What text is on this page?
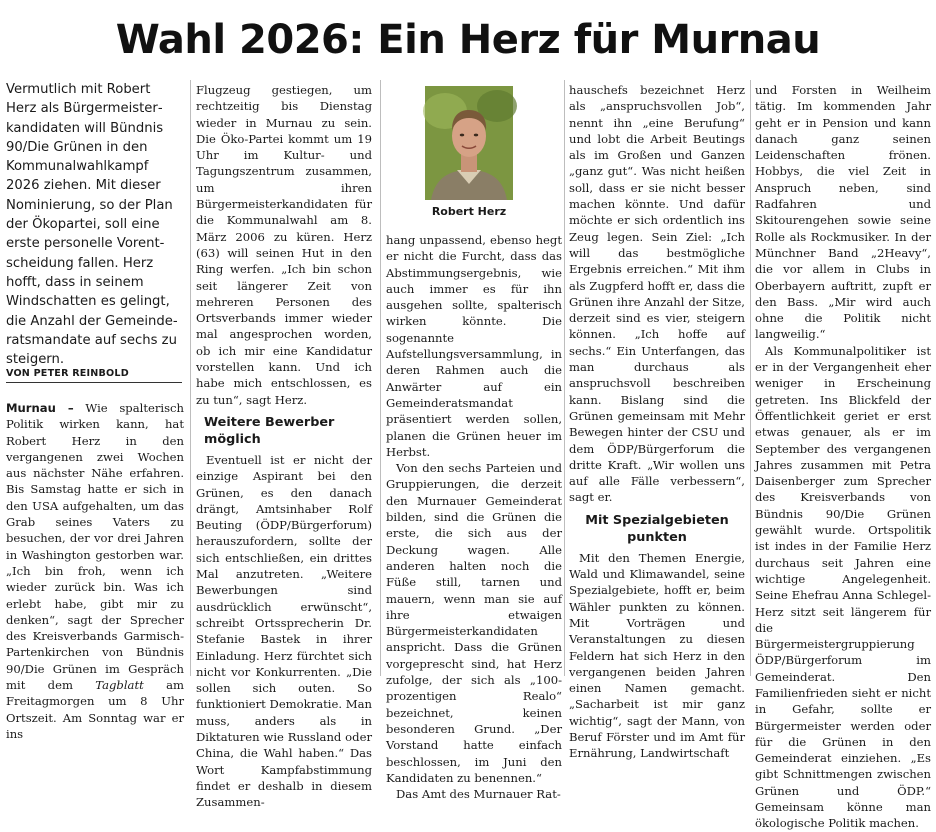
Wahl 2026: Ein Herz für Murnau

Vermutlich mit Robert Herz als Bürgermeisterkandidaten will Bündnis 90/Die Grünen in den Kommunalwahlkampf 2026 ziehen. Mit dieser Nominierung, so der Plan der Ökopartei, soll eine erste personelle Vorentscheidung fallen. Herz hofft, dass in seinem Windschatten es gelingt, die Anzahl der Gemeinderatsmandate auf sechs zu steigern.

VON PETER REINBOLD

Murnau – Wie spalterisch Politik wirken kann, hat Robert Herz in den vergangenen zwei Wochen aus nächster Nähe erfahren. Bis Samstag hatte er sich in den USA aufgehalten, um das Grab seines Vaters zu besuchen, der vor drei Jahren in Washington gestorben war. „Ich bin froh, wenn ich wieder zurück bin. Was ich erlebt habe, gibt mir zu denken“, sagt der Sprecher des Kreisverbands Garmisch-Partenkirchen von Bündnis 90/Die Grünen im Gespräch mit dem Tagblatt am Freitagmorgen um 8 Uhr Ortszeit. Am Sonntag war er ins

Flugzeug gestiegen, um rechtzeitig bis Dienstag wieder in Murnau zu sein. Die Öko-Partei kommt um 19 Uhr im Kultur- und Tagungszentrum zusammen, um ihren Bürgermeisterkandidaten für die Kommunalwahl am 8. März 2006 zu küren. Herz (63) will seinen Hut in den Ring werfen. „Ich bin schon seit längerer Zeit von mehreren Personen des Ortsverbands immer wieder mal angesprochen worden, ob ich mir eine Kandidatur vorstellen kann. Und ich habe mich entschlossen, es zu tun“, sagt Herz.

Weitere Bewerber möglich

Eventuell ist er nicht der einzige Aspirant bei den Grünen, es den danach drängt, Amtsinhaber Rolf Beuting (ÖDP/Bürgerforum) herauszufordern, sollte der sich entschließen, ein drittes Mal anzutreten. „Weitere Bewerbungen sind ausdrücklich erwünscht“, schreibt Ortssprecherin Dr. Stefanie Bastek in ihrer Einladung. Herz fürchtet sich nicht vor Konkurrenten. „Die sollen sich outen. So funktioniert Demokratie. Man muss, anders als in Diktaturen wie Russland oder China, die Wahl haben.“ Das Wort Kampfabstimmung findet er deshalb in diesem Zusammen-

Robert Herz

hang unpassend, ebenso hegt er nicht die Furcht, dass das Abstimmungsergebnis, wie auch immer es für ihn ausgehen sollte, spalterisch wirken könnte. Die sogenannte Aufstellungsversammlung, in deren Rahmen auch die Anwärter auf ein Gemeinderatsmandat präsentiert werden sollen, planen die Grünen heuer im Herbst.

Von den sechs Parteien und Gruppierungen, die derzeit den Murnauer Gemeinderat bilden, sind die Grünen die erste, die sich aus der Deckung wagen. Alle anderen halten noch die Füße still, tarnen und mauern, wenn man sie auf ihre etwaigen Bürgermeisterkandidaten anspricht. Dass die Grünen vorgeprescht sind, hat Herz zufolge, der sich als „100-prozentigen Realo“ bezeichnet, keinen besonderen Grund. „Der Vorstand hatte einfach beschlossen, im Juni den Kandidaten zu benennen.“

Das Amt des Murnauer Rat-

hauschefs bezeichnet Herz als „anspruchsvollen Job“, nennt ihn „eine Berufung“ und lobt die Arbeit Beutings als im Großen und Ganzen „ganz gut“. Was nicht heißen soll, dass er sie nicht besser machen könnte. Und dafür möchte er sich ordentlich ins Zeug legen. Sein Ziel: „Ich will das bestmögliche Ergebnis erreichen.“ Mit ihm als Zugpferd hofft er, dass die Grünen ihre Anzahl der Sitze, derzeit sind es vier, steigern können. „Ich hoffe auf sechs.“ Ein Unterfangen, das man durchaus als anspruchsvoll beschreiben kann. Bislang sind die Grünen gemeinsam mit Mehr Bewegen hinter der CSU und dem ÖDP/Bürgerforum die dritte Kraft. „Wir wollen uns auf alle Fälle verbessern“, sagt er.

Mit Spezialgebieten punkten

Mit den Themen Energie, Wald und Klimawandel, seine Spezialgebiete, hofft er, beim Wähler punkten zu können. Mit Vorträgen und Veranstaltungen zu diesen Feldern hat sich Herz in den vergangenen beiden Jahren einen Namen gemacht. „Sacharbeit ist mir ganz wichtig“, sagt der Mann, von Beruf Förster und im Amt für Ernährung, Landwirtschaft

und Forsten in Weilheim tätig. Im kommenden Jahr geht er in Pension und kann danach ganz seinen Leidenschaften frönen. Hobbys, die viel Zeit in Anspruch neben, sind Radfahren und Skitourengehen sowie seine Rolle als Rockmusiker. In der Münchner Band „2Heavy“, die vor allem in Clubs in Oberbayern auftritt, zupft er den Bass. „Mir wird auch ohne die Politik nicht langweilig.“

Als Kommunalpolitiker ist er in der Vergangenheit eher weniger in Erscheinung getreten. Ins Blickfeld der Öffentlichkeit geriet er erst etwas genauer, als er im September des vergangenen Jahres zusammen mit Petra Daisenberger zum Sprecher des Kreisverbands von Bündnis 90/Die Grünen gewählt wurde. Ortspolitik ist indes in der Familie Herz durchaus seit Jahren eine wichtige Angelegenheit. Seine Ehefrau Anna Schlegel-Herz sitzt seit längerem für die Bürgermeistergruppierung ÖDP/Bürgerforum im Gemeinderat. Den Familienfrieden sieht er nicht in Gefahr, sollte er Bürgermeister werden oder für die Grünen in den Gemeinderat einziehen. „Es gibt Schnittmengen zwischen Grünen und ÖDP.“ Gemeinsam könne man ökologische Politik machen.
